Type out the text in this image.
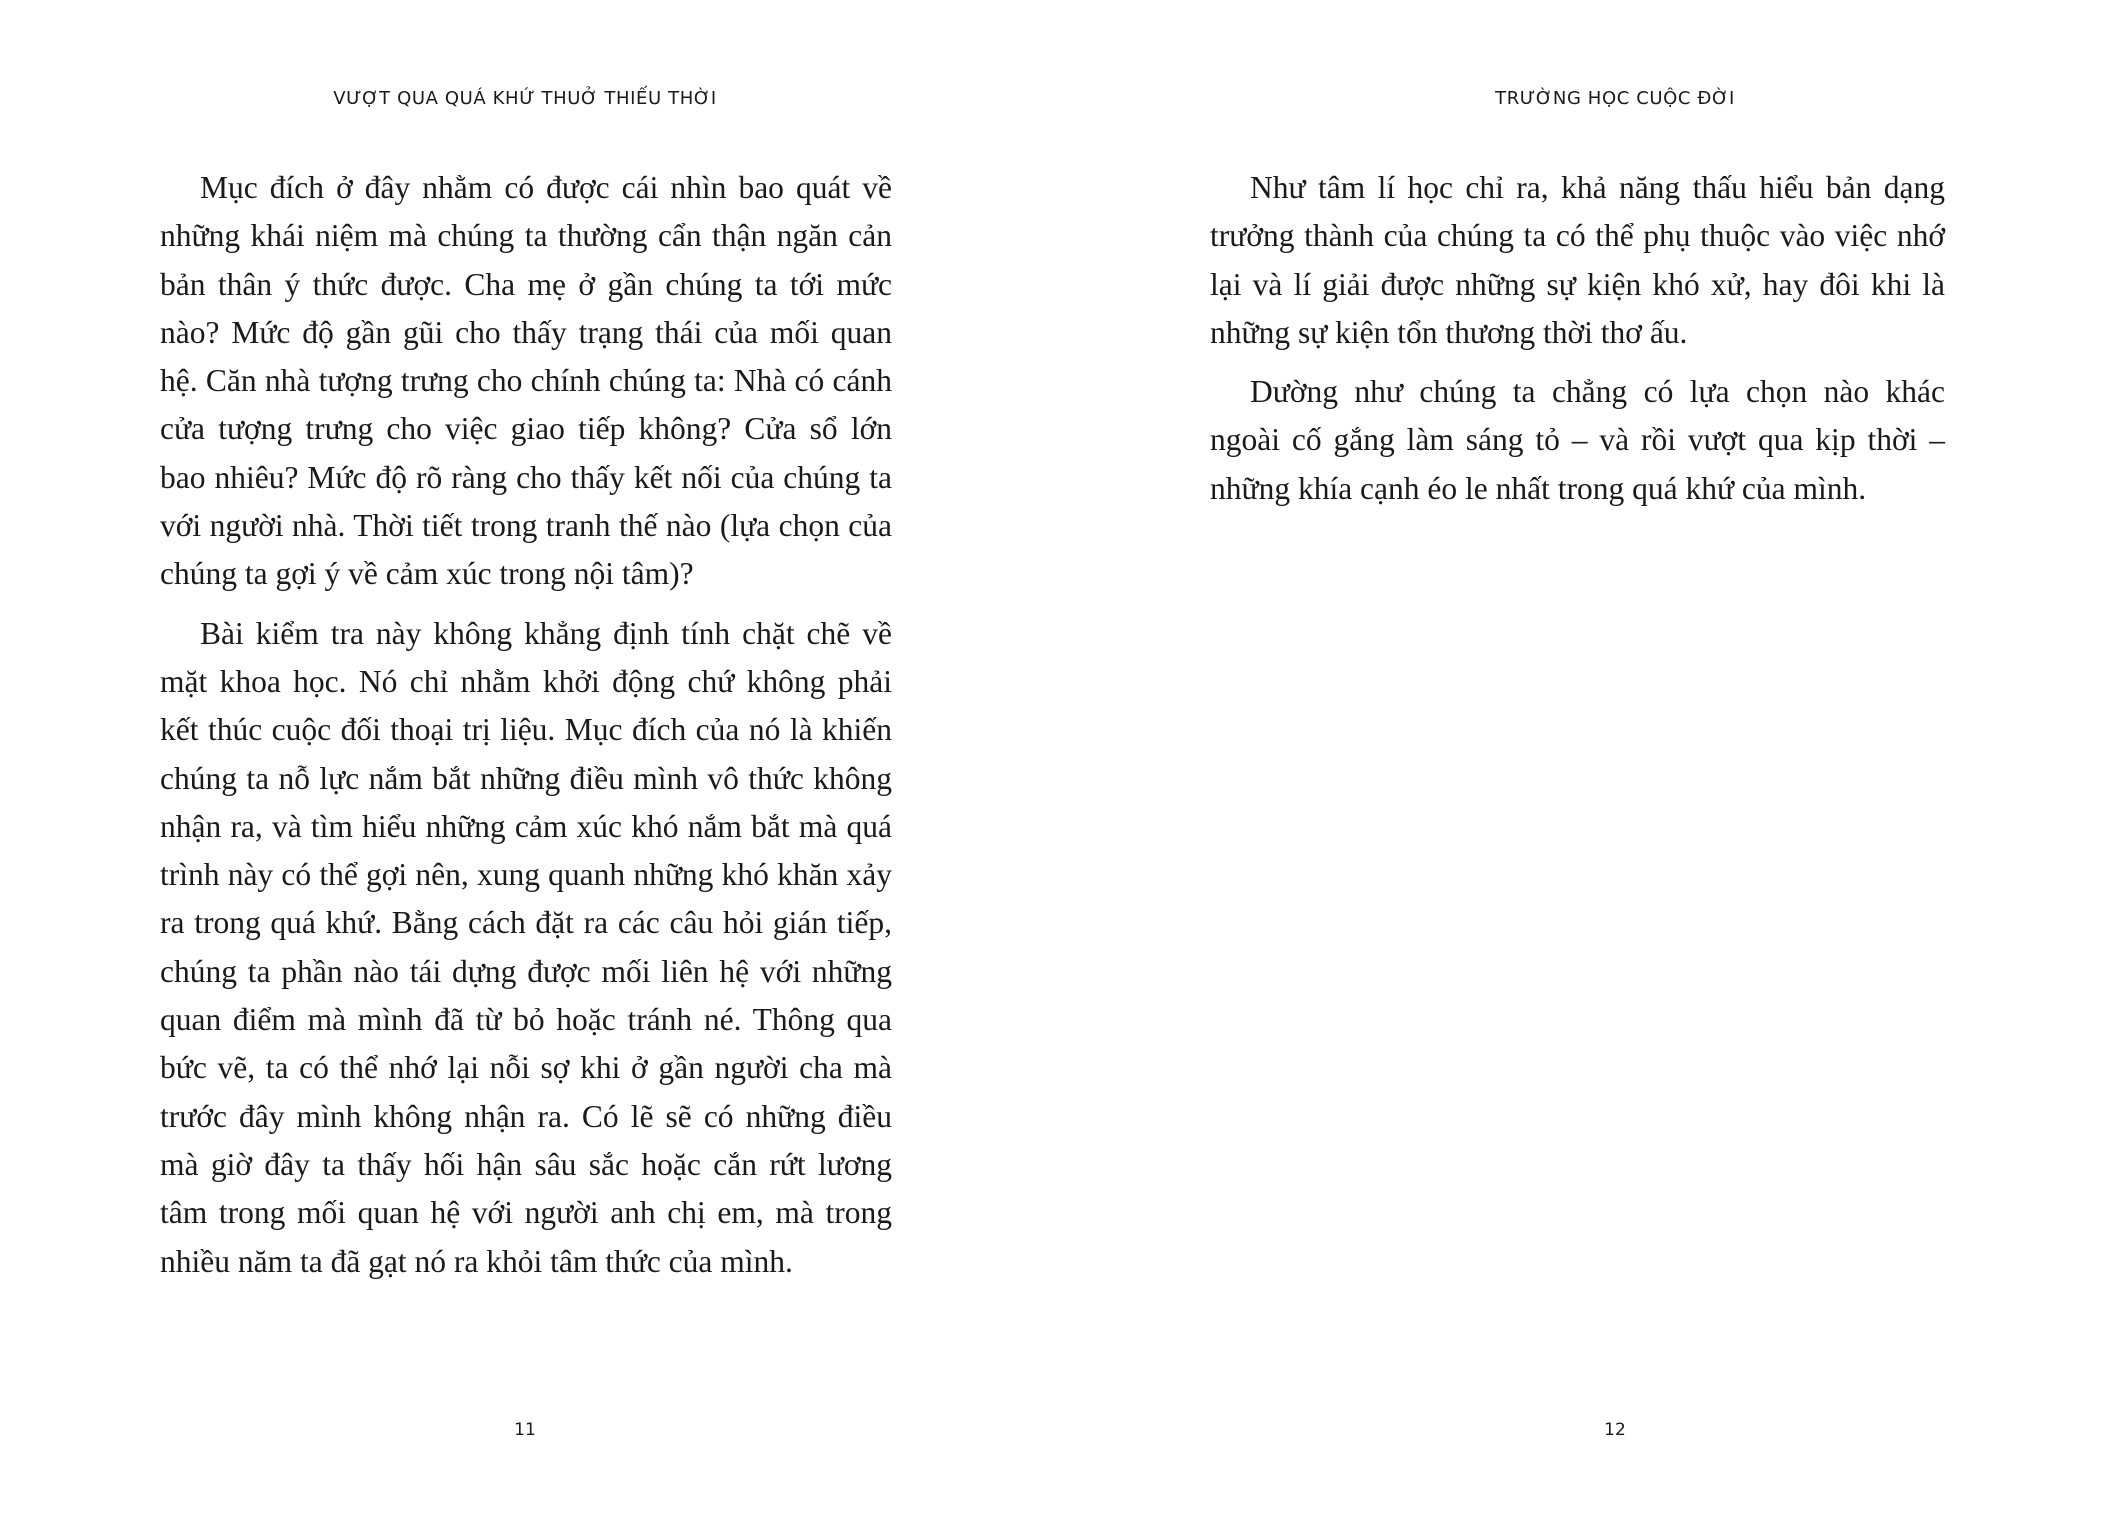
VƯỢT QUA QUÁ KHỨ THUỞ THIẾU THỜI

Mục đích ở đây nhằm có được cái nhìn bao quát về những khái niệm mà chúng ta thường cẩn thận ngăn cản bản thân ý thức được. Cha mẹ ở gần chúng ta tới mức nào? Mức độ gần gũi cho thấy trạng thái của mối quan hệ. Căn nhà tượng trưng cho chính chúng ta: Nhà có cánh cửa tượng trưng cho việc giao tiếp không? Cửa sổ lớn bao nhiêu? Mức độ rõ ràng cho thấy kết nối của chúng ta với người nhà. Thời tiết trong tranh thế nào (lựa chọn của chúng ta gợi ý về cảm xúc trong nội tâm)?

Bài kiểm tra này không khẳng định tính chặt chẽ về mặt khoa học. Nó chỉ nhằm khởi động chứ không phải kết thúc cuộc đối thoại trị liệu. Mục đích của nó là khiến chúng ta nỗ lực nắm bắt những điều mình vô thức không nhận ra, và tìm hiểu những cảm xúc khó nắm bắt mà quá trình này có thể gợi nên, xung quanh những khó khăn xảy ra trong quá khứ. Bằng cách đặt ra các câu hỏi gián tiếp, chúng ta phần nào tái dựng được mối liên hệ với những quan điểm mà mình đã từ bỏ hoặc tránh né. Thông qua bức vẽ, ta có thể nhớ lại nỗi sợ khi ở gần người cha mà trước đây mình không nhận ra. Có lẽ sẽ có những điều mà giờ đây ta thấy hối hận sâu sắc hoặc cắn rứt lương tâm trong mối quan hệ với người anh chị em, mà trong nhiều năm ta đã gạt nó ra khỏi tâm thức của mình.

11
TRƯỜNG HỌC CUỘC ĐỜI

Như tâm lí học chỉ ra, khả năng thấu hiểu bản dạng trưởng thành của chúng ta có thể phụ thuộc vào việc nhớ lại và lí giải được những sự kiện khó xử, hay đôi khi là những sự kiện tổn thương thời thơ ấu.

Dường như chúng ta chẳng có lựa chọn nào khác ngoài cố gắng làm sáng tỏ – và rồi vượt qua kịp thời – những khía cạnh éo le nhất trong quá khứ của mình.

12
